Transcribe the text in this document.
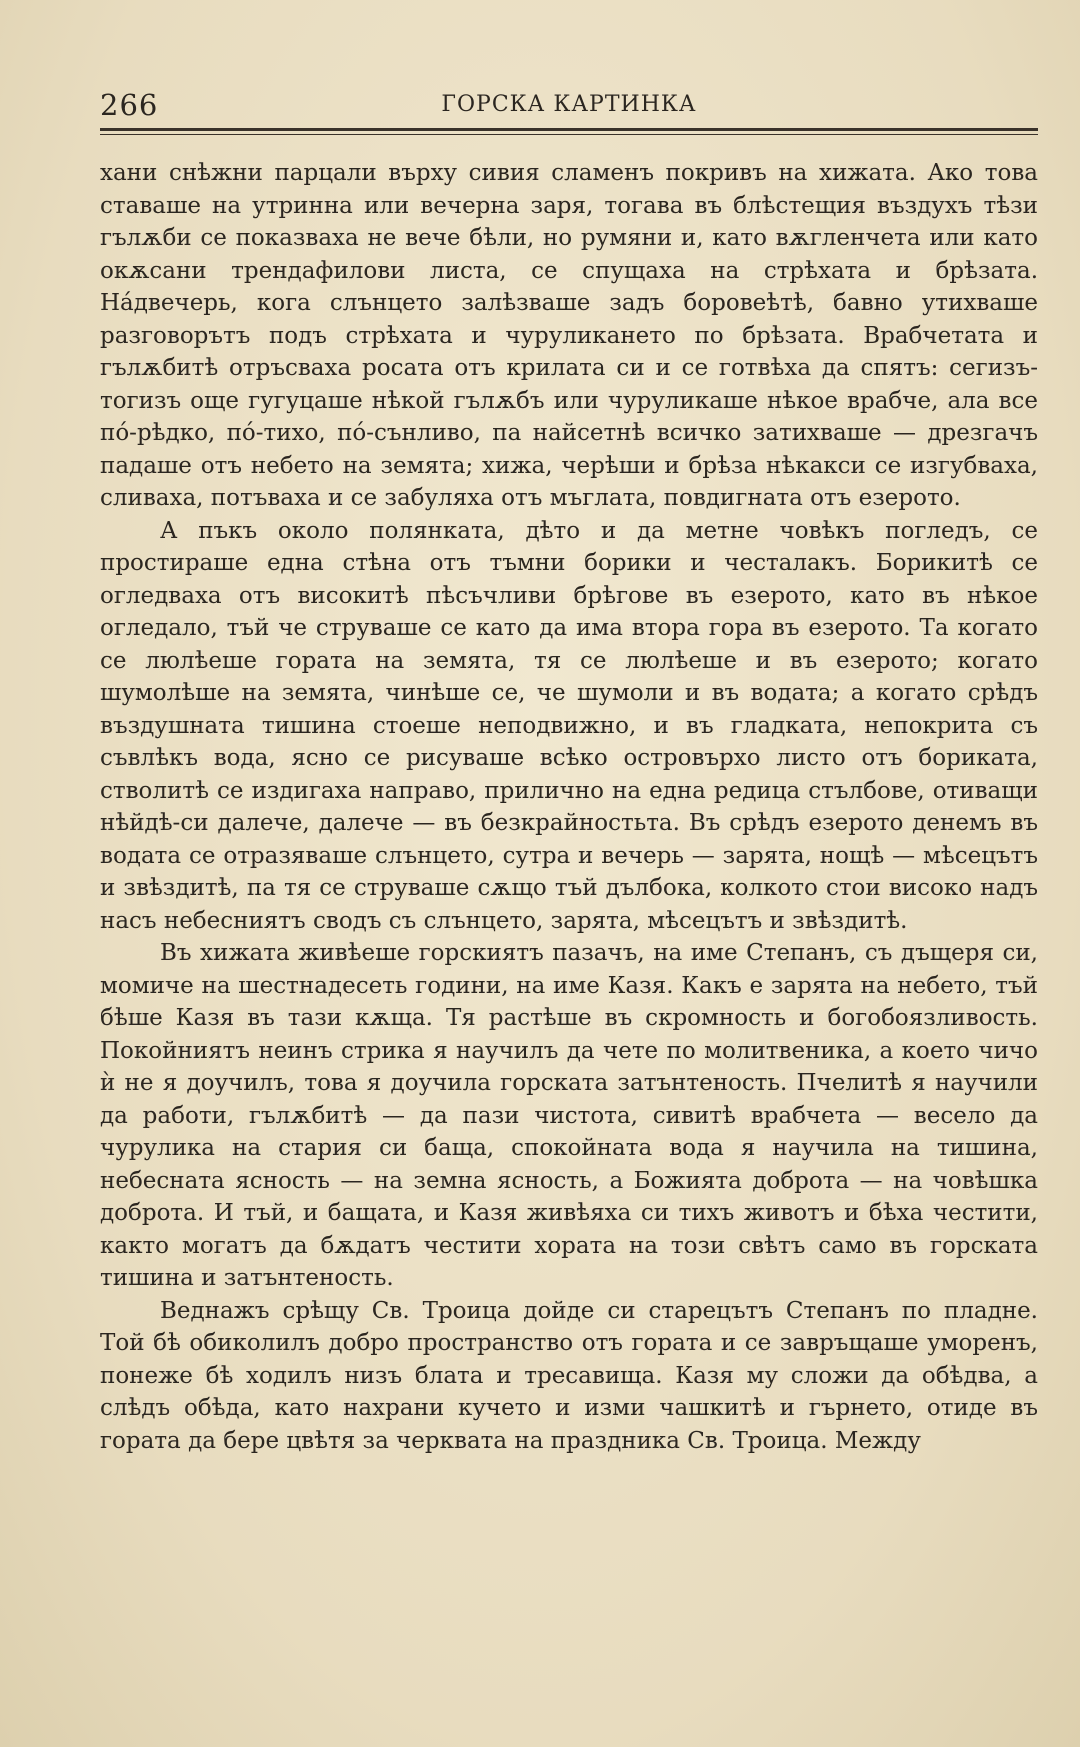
266	ГОРСКА КАРТИНКА

хани снѣжни парцали върху сивия сламенъ покривъ на хижата. Ако това ставаше на утринна или вечерна заря, тогава въ блѣстещия въздухъ тѣзи гълѫби се показваха не вече бѣли, но румяни и, като вѫгленчета или като окѫсани трендафилови листа, се спущаха на стрѣхата и брѣзата. Нáдвечерь, кога слънцето залѣзваше задъ боровеѣтѣ, бавно утихваше разговорътъ подъ стрѣхата и чуруликането по брѣзата. Врабчетата и гълѫбитѣ отръсваха росата отъ крилата си и се готвѣха да спятъ: сегизъ-тогизъ още гугуцаше нѣкой гълѫбъ или чуруликаше нѣкое врабче, ала все пó-рѣдко, пó-тихо, пó-сънливо, па найсетнѣ всичко затихваше — дрезгачъ падаше отъ небето на земята; хижа, черѣши и брѣза нѣкакси се изгубваха, сливаха, потъваха и се забуляха отъ мъглата, повдигната отъ езерото.

А пъкъ около полянката, дѣто и да метне човѣкъ погледъ, се простираше една стѣна отъ тъмни борики и честалакъ. Борикитѣ се огледваха отъ високитѣ пѣсъчливи брѣгове въ езерото, като въ нѣкое огледало, тъй че струваше се като да има втора гора въ езерото. Та когато се люлѣеше гората на земята, тя се люлѣеше и въ езерото; когато шумолѣше на земята, чинѣше се, че шумоли и въ водата; а когато срѣдъ въздушната тишина стоеше неподвижно, и въ гладката, непокрита съ съвлѣкъ вода, ясно се рисуваше всѣко островърхо листо отъ бориката, стволитѣ се издигаха направо, прилично на една редица стълбове, отиващи нѣйдѣ-си далече, далече — въ безкрайностьта. Въ срѣдъ езерото денемъ въ водата се отразяваше слънцето, сутра и вечерь — зарята, нощѣ — мѣсецътъ и звѣздитѣ, па тя се струваше сѫщо тъй дълбока, колкото стои високо надъ насъ небесниятъ сводъ съ слънцето, зарята, мѣсецътъ и звѣздитѣ.

Въ хижата живѣеше горскиятъ пазачъ, на име Степанъ, съ дъщеря си, момиче на шестнадесеть години, на име Казя. Какъ е зарята на небето, тъй бѣше Казя въ тази кѫща. Тя растѣше въ скромность и богобоязливость. Покойниятъ неинъ стрика я научилъ да чете по молитвеника, а което чичо ѝ не я доучилъ, това я доучила горската затънтеность. Пчелитѣ я научили да работи, гълѫбитѣ — да пази чистота, сивитѣ врабчета — весело да чурулика на стария си баща, спокойната вода я научила на тишина, небесната ясность — на земна ясность, а Божията доброта — на човѣшка доброта. И тъй, и бащата, и Казя живѣяха си тихъ животъ и бѣха честити, както могатъ да бѫдатъ честити хората на този свѣтъ само въ горската тишина и затънтеность.

Веднажъ срѣщу Св. Троица дойде си старецътъ Степанъ по пладне. Той бѣ обиколилъ добро пространство отъ гората и се завръщаше уморенъ, понеже бѣ ходилъ низъ блата и тресавища. Казя му сложи да обѣдва, а слѣдъ обѣда, като нахрани кучето и изми чашкитѣ и гърнето, отиде въ гората да бере цвѣтя за черквата на праздника Св. Троица. Между
